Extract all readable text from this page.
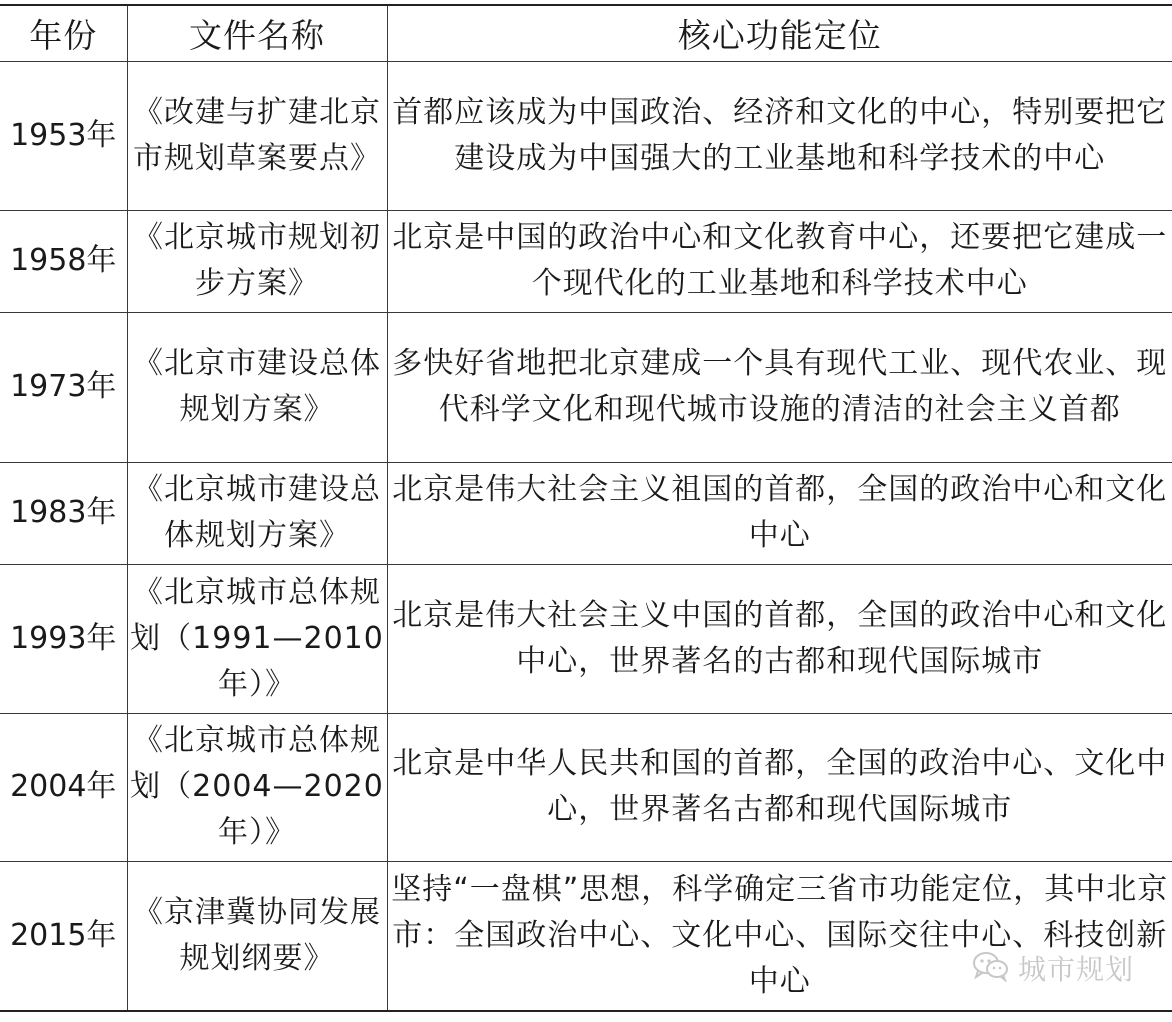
年份	文件名称	核心功能定位
1953年	《改建与扩建北京市规划草案要点》	首都应该成为中国政治、经济和文化的中心，特别要把它建设成为中国强大的工业基地和科学技术的中心
1958年	《北京城市规划初步方案》	北京是中国的政治中心和文化教育中心，还要把它建成一个现代化的工业基地和科学技术中心
1973年	《北京市建设总体规划方案》	多快好省地把北京建成一个具有现代工业、现代农业、现代科学文化和现代城市设施的清洁的社会主义首都
1983年	《北京城市建设总体规划方案》	北京是伟大社会主义祖国的首都，全国的政治中心和文化中心
1993年	《北京城市总体规划（1991—2010年）》	北京是伟大社会主义中国的首都，全国的政治中心和文化中心，世界著名的古都和现代国际城市
2004年	《北京城市总体规划（2004—2020年）》	北京是中华人民共和国的首都，全国的政治中心、文化中心，世界著名古都和现代国际城市
2015年	《京津冀协同发展规划纲要》	坚持“一盘棋”思想，科学确定三省市功能定位，其中北京市：全国政治中心、文化中心、国际交往中心、科技创新中心	城市规划
